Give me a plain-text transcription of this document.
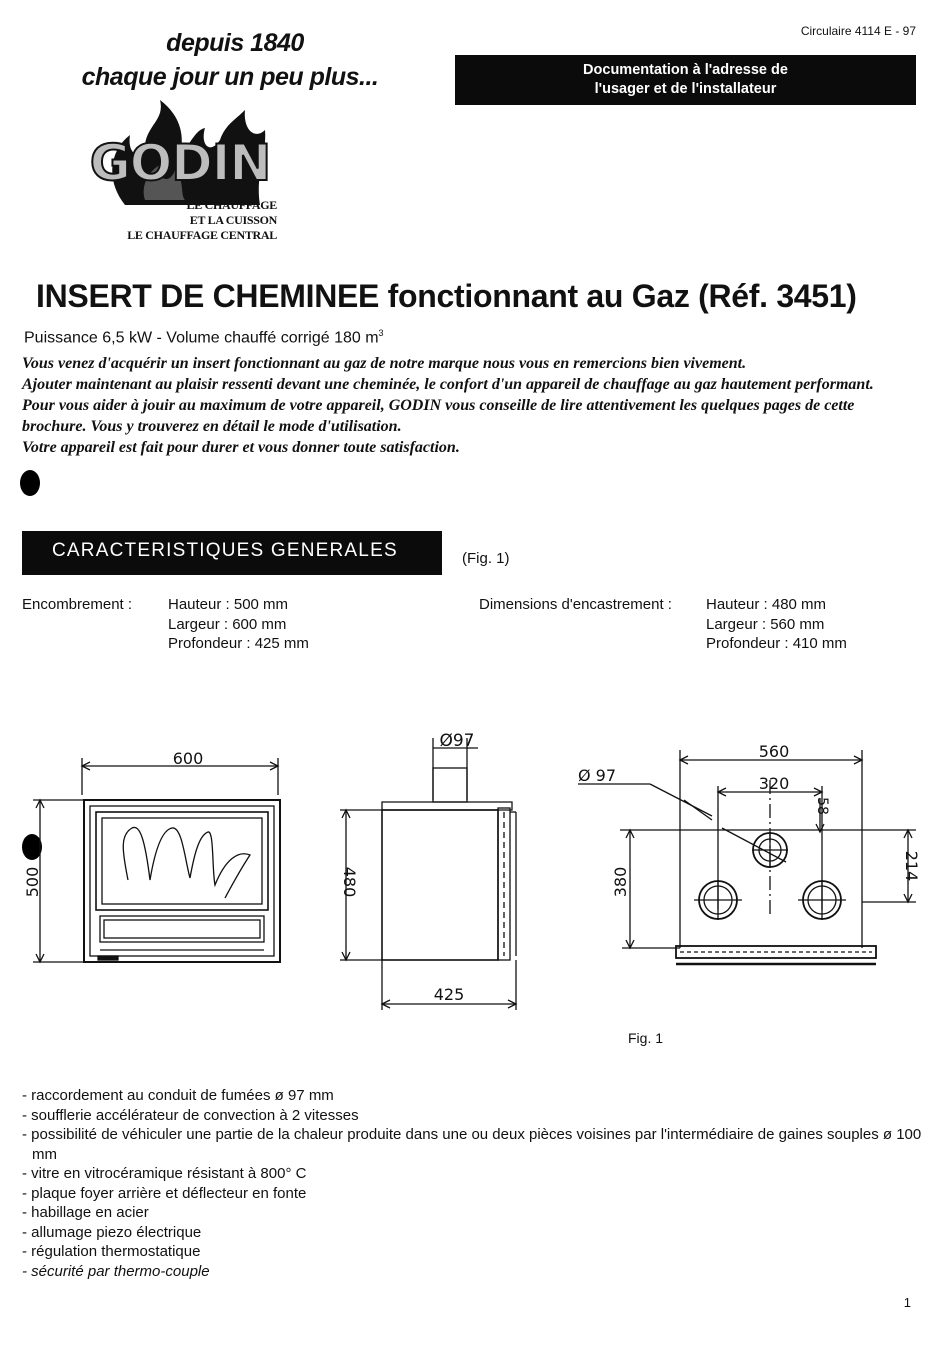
depuis 1840
chaque jour un peu plus...
Circulaire 4114 E - 97
Documentation à l'adresse de
l'usager et de l'installateur
GODIN
LE CHAUFFAGE
ET LA CUISSON
LE CHAUFFAGE CENTRAL
INSERT DE CHEMINEE fonctionnant au Gaz (Réf. 3451)
Puissance 6,5 kW - Volume chauffé corrigé 180 $m^3$
Vous venez d'acquérir un insert fonctionnant au gaz de notre marque nous vous en remercions bien vivement.
Ajouter maintenant au plaisir ressenti devant une cheminée, le confort d'un appareil de chauffage au gaz hautement performant.
Pour vous aider à jouir au maximum de votre appareil, GODIN vous conseille de lire attentivement les quelques pages de cette brochure. Vous y trouverez en détail le mode d'utilisation.
Votre appareil est fait pour durer et vous donner toute satisfaction.
CARACTERISTIQUES GENERALES	(Fig. 1)
Encombrement : Hauteur : 500 mm
Largeur : 600 mm
Profondeur : 425 mm
Dimensions d'encastrement : Hauteur : 480 mm
Largeur : 560 mm
Profondeur : 410 mm
600
500
Ø97
480
425
560
Ø 97	320
58
380
214
Fig. 1
- raccordement au conduit de fumées ø 97 mm
- soufflerie accélérateur de convection à 2 vitesses
- possibilité de véhiculer une partie de la chaleur produite dans une ou deux pièces voisines par l'intermédiaire de gaines souples ø 100 mm
- vitre en vitrocéramique résistant à 800° C
- plaque foyer arrière et déflecteur en fonte
- habillage en acier
- allumage piezo électrique
- régulation thermostatique
- sécurité par thermo-couple
1
